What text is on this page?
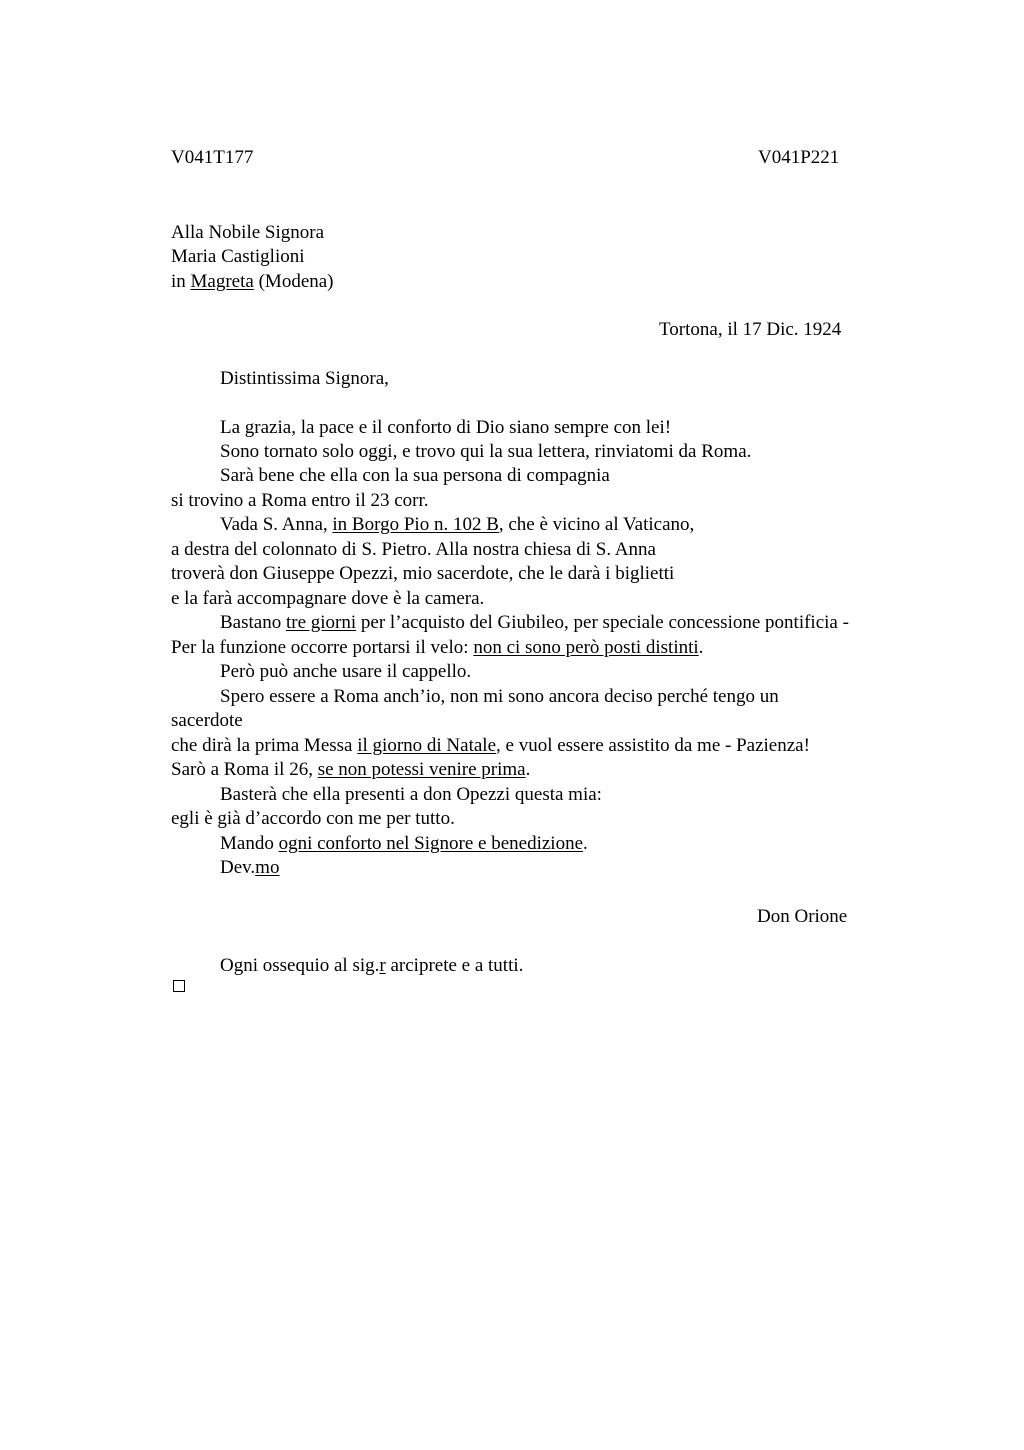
V041T177	V041P221
Alla Nobile Signora
Maria Castiglioni
in Magreta (Modena)
Tortona, il 17 Dic. 1924
Distintissima Signora,
La grazia, la pace e il conforto di Dio siano sempre con lei!
Sono tornato solo oggi, e trovo qui la sua lettera, rinviatomi da Roma.
Sarà bene che ella con la sua persona di compagnia
si trovino a Roma entro il 23 corr.
Vada S. Anna, in Borgo Pio n. 102 B, che è vicino al Vaticano,
a destra del colonnato di S. Pietro. Alla nostra chiesa di S. Anna
troverà don Giuseppe Opezzi, mio sacerdote, che le darà i biglietti
e la farà accompagnare dove è la camera.
Bastano tre giorni per l’acquisto del Giubileo, per speciale concessione pontificia -
Per la funzione occorre portarsi il velo: non ci sono però posti distinti.
Però può anche usare il cappello.
Spero essere a Roma anch’io, non mi sono ancora deciso perché tengo un
sacerdote
che dirà la prima Messa il giorno di Natale, e vuol essere assistito da me - Pazienza!
Sarò a Roma il 26, se non potessi venire prima.
Basterà che ella presenti a don Opezzi questa mia:
egli è già d’accordo con me per tutto.
Mando ogni conforto nel Signore e benedizione.
Dev.mo
Don Orione
Ogni ossequio al sig.r arciprete e a tutti.
